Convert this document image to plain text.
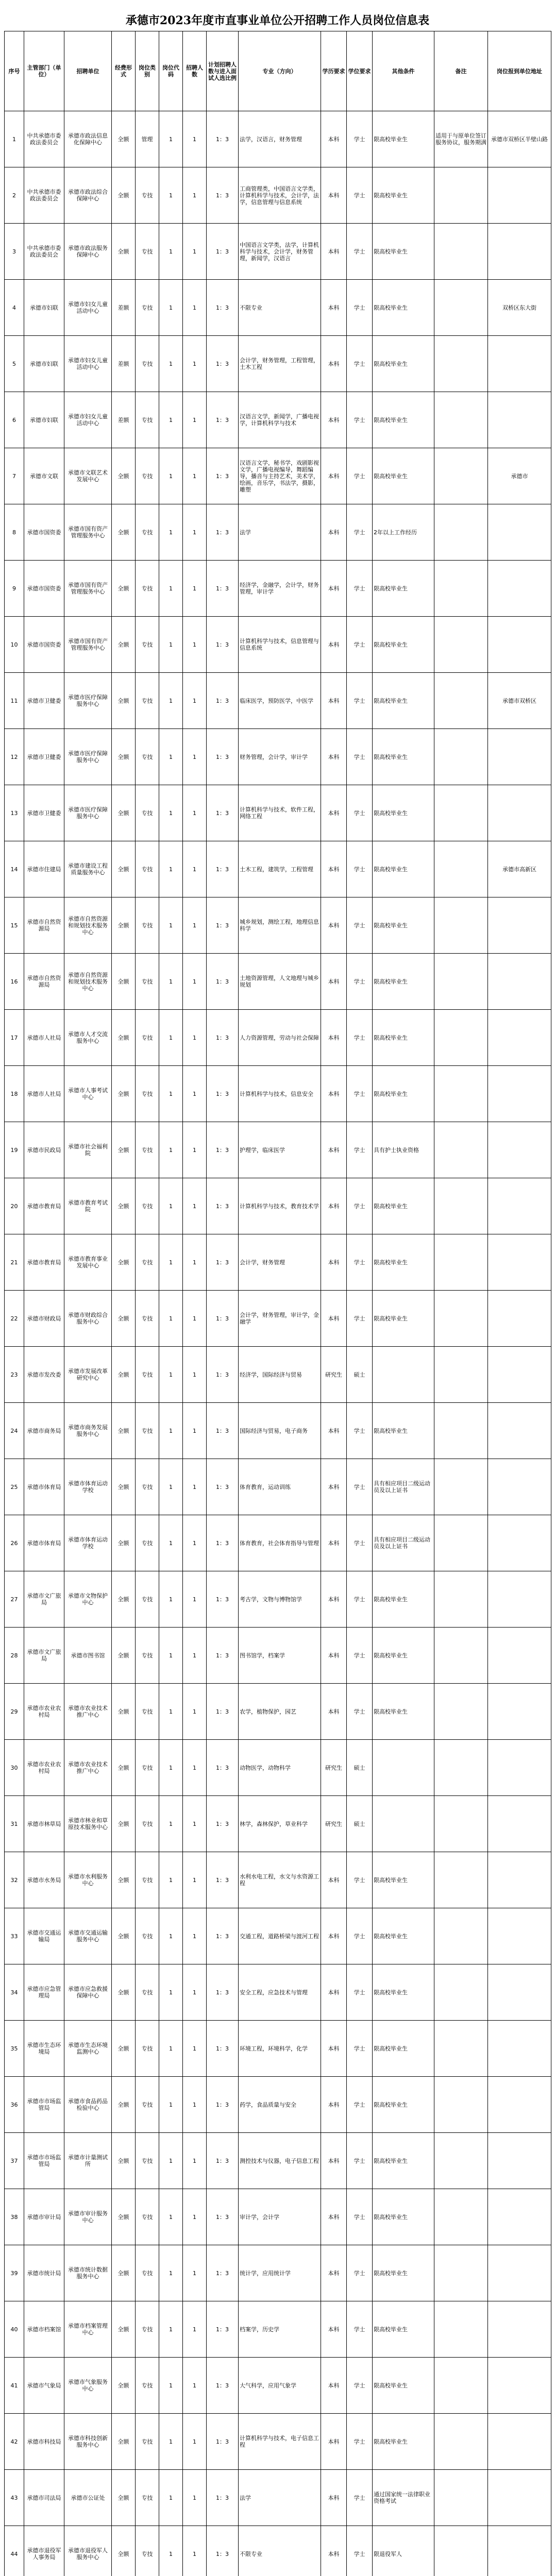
承德市2023年度市直事业单位公开招聘工作人员岗位信息表
序号	主管部门（单位）	招聘单位	经费形式	岗位类别	岗位代码	招聘人数	计划招聘人数与进入面试人选比例	专业（方向）	学历要求	学位要求	其他条件	备注	岗位报到单位地址
1	中共承德市委政法委员会	承德市政法信息化保障中心	全额	管理	1	1	1：3	法学，汉语言，财务管理	本科	学士	限高校毕业生	适用于与原单位签订服务协议，服务期满	承德市双桥区半壁山路
2	中共承德市委政法委员会	承德市政法综合保障中心	全额	专技	1	1	1：3	工商管理类，中国语言文学类，计算机科学与技术，会计学，法学，信息管理与信息系统	本科	学士	限高校毕业生		
3	中共承德市委政法委员会	承德市政法服务保障中心	全额	专技	1	1	1：3	中国语言文学类，法学，计算机科学与技术，会计学，财务管理，新闻学，汉语言	本科	学士	限高校毕业生		
4	承德市妇联	承德市妇女儿童活动中心	差额	专技	1	1	1：3	不限专业	本科	学士	限高校毕业生		双桥区东大街
5	承德市妇联	承德市妇女儿童活动中心	差额	专技	1	1	1：3	会计学，财务管理，工程管理，土木工程	本科	学士	限高校毕业生		
6	承德市妇联	承德市妇女儿童活动中心	差额	专技	1	1	1：3	汉语言文学，新闻学，广播电视学，计算机科学与技术	本科	学士	限高校毕业生		
7	承德市文联	承德市文联艺术发展中心	全额	专技	1	1	1：3	汉语言文学，秘书学，戏剧影视文学，广播电视编导，舞蹈编导，播音与主持艺术，美术学，绘画，音乐学，书法学，摄影，雕塑	本科	学士	限高校毕业生		承德市
8	承德市国资委	承德市国有资产管理服务中心	全额	专技	1	1	1：3	法学	本科	学士	2年以上工作经历		
9	承德市国资委	承德市国有资产管理服务中心	全额	专技	1	1	1：3	经济学，金融学，会计学，财务管理，审计学	本科	学士	限高校毕业生		
10	承德市国资委	承德市国有资产管理服务中心	全额	专技	1	1	1：3	计算机科学与技术，信息管理与信息系统	本科	学士	限高校毕业生		
11	承德市卫健委	承德市医疗保障服务中心	全额	专技	1	1	1：3	临床医学，预防医学，中医学	本科	学士	限高校毕业生		承德市双桥区
12	承德市卫健委	承德市医疗保障服务中心	全额	专技	1	1	1：3	财务管理，会计学，审计学	本科	学士	限高校毕业生		
13	承德市卫健委	承德市医疗保障服务中心	全额	专技	1	1	1：3	计算机科学与技术，软件工程，网络工程	本科	学士	限高校毕业生		
14	承德市住建局	承德市建设工程质量服务中心	全额	专技	1	1	1：3	土木工程，建筑学，工程管理	本科	学士	限高校毕业生		承德市高新区
15	承德市自然资源局	承德市自然资源和规划技术服务中心	全额	专技	1	1	1：3	城乡规划，测绘工程，地理信息科学	本科	学士	限高校毕业生		
16	承德市自然资源局	承德市自然资源和规划技术服务中心	全额	专技	1	1	1：3	土地资源管理，人文地理与城乡规划	本科	学士	限高校毕业生		
17	承德市人社局	承德市人才交流服务中心	全额	专技	1	1	1：3	人力资源管理，劳动与社会保障	本科	学士	限高校毕业生		
18	承德市人社局	承德市人事考试中心	全额	专技	1	1	1：3	计算机科学与技术，信息安全	本科	学士	限高校毕业生		
19	承德市民政局	承德市社会福利院	全额	专技	1	1	1：3	护理学，临床医学	本科	学士	具有护士执业资格		
20	承德市教育局	承德市教育考试院	全额	专技	1	1	1：3	计算机科学与技术，教育技术学	本科	学士	限高校毕业生		
21	承德市教育局	承德市教育事业发展中心	全额	专技	1	1	1：3	会计学，财务管理	本科	学士	限高校毕业生		
22	承德市财政局	承德市财政综合服务中心	全额	专技	1	1	1：3	会计学，财务管理，审计学，金融学	本科	学士	限高校毕业生		
23	承德市发改委	承德市发展改革研究中心	全额	专技	1	1	1：3	经济学，国际经济与贸易	研究生	硕士			
24	承德市商务局	承德市商务发展服务中心	全额	专技	1	1	1：3	国际经济与贸易，电子商务	本科	学士	限高校毕业生		
25	承德市体育局	承德市体育运动学校	全额	专技	1	1	1：3	体育教育，运动训练	本科	学士	具有相应项目二级运动员及以上证书		
26	承德市体育局	承德市体育运动学校	全额	专技	1	1	1：3	体育教育，社会体育指导与管理	本科	学士	具有相应项目二级运动员及以上证书		
27	承德市文广旅局	承德市文物保护中心	全额	专技	1	1	1：3	考古学，文物与博物馆学	本科	学士	限高校毕业生		
28	承德市文广旅局	承德市图书馆	全额	专技	1	1	1：3	图书馆学，档案学	本科	学士	限高校毕业生		
29	承德市农业农村局	承德市农业技术推广中心	全额	专技	1	1	1：3	农学，植物保护，园艺	本科	学士	限高校毕业生		
30	承德市农业农村局	承德市农业技术推广中心	全额	专技	1	1	1：3	动物医学，动物科学	研究生	硕士			
31	承德市林草局	承德市林业和草原技术服务中心	全额	专技	1	1	1：3	林学，森林保护，草业科学	研究生	硕士			
32	承德市水务局	承德市水利服务中心	全额	专技	1	1	1：3	水利水电工程，水文与水资源工程	本科	学士	限高校毕业生		
33	承德市交通运输局	承德市交通运输服务中心	全额	专技	1	1	1：3	交通工程，道路桥梁与渡河工程	本科	学士	限高校毕业生		
34	承德市应急管理局	承德市应急救援保障中心	全额	专技	1	1	1：3	安全工程，应急技术与管理	本科	学士	限高校毕业生		
35	承德市生态环境局	承德市生态环境监测中心	全额	专技	1	1	1：3	环境工程，环境科学，化学	本科	学士	限高校毕业生		
36	承德市市场监管局	承德市食品药品检验中心	全额	专技	1	1	1：3	药学，食品质量与安全	本科	学士	限高校毕业生		
37	承德市市场监管局	承德市计量测试所	全额	专技	1	1	1：3	测控技术与仪器，电子信息工程	本科	学士	限高校毕业生		
38	承德市审计局	承德市审计服务中心	全额	专技	1	1	1：3	审计学，会计学	本科	学士	限高校毕业生		
39	承德市统计局	承德市统计数据服务中心	全额	专技	1	1	1：3	统计学，应用统计学	本科	学士	限高校毕业生		
40	承德市档案馆	承德市档案管理中心	全额	专技	1	1	1：3	档案学，历史学	本科	学士	限高校毕业生		
41	承德市气象局	承德市气象服务中心	全额	专技	1	1	1：3	大气科学，应用气象学	本科	学士	限高校毕业生		
42	承德市科技局	承德市科技创新服务中心	全额	专技	1	1	1：3	计算机科学与技术，电子信息工程	本科	学士	限高校毕业生		
43	承德市司法局	承德市公证处	全额	专技	1	1	1：3	法学	本科	学士	通过国家统一法律职业资格考试		
44	承德市退役军人事务局	承德市退役军人服务中心	全额	专技	1	1	1：3	不限专业	本科	学士	限退役军人		
